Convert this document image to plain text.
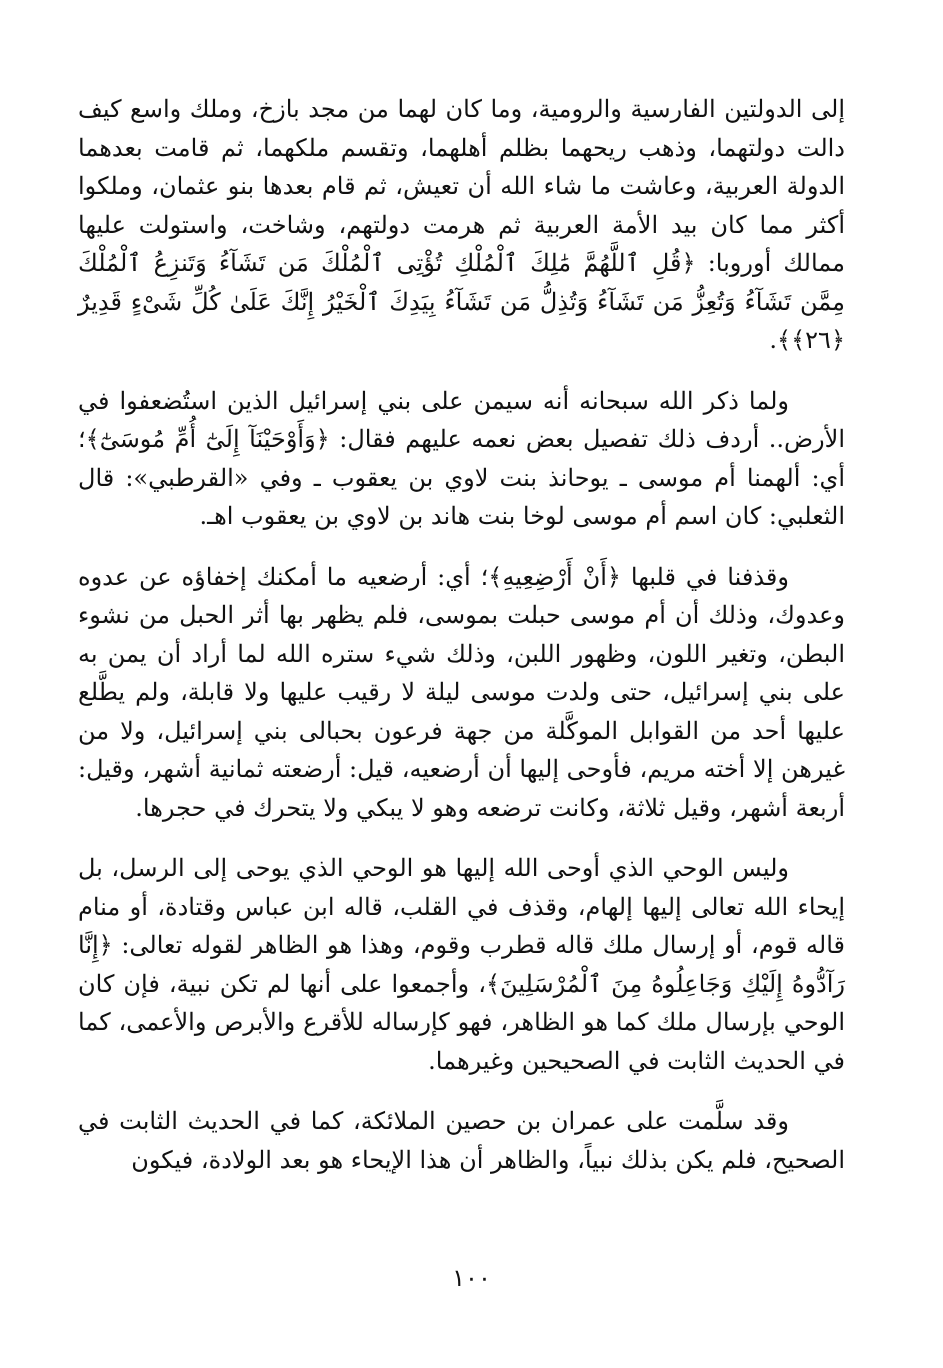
إلى الدولتين الفارسية والرومية، وما كان لهما من مجد بازخ، وملك واسع كيف دالت دولتهما، وذهب ريحهما بظلم أهلهما، وتقسم ملكهما، ثم قامت بعدهما الدولة العربية، وعاشت ما شاء الله أن تعيش، ثم قام بعدها بنو عثمان، وملكوا أكثر مما كان بيد الأمة العربية ثم هرمت دولتهم، وشاخت، واستولت عليها ممالك أوروبا: ﴿قُلِ ٱللَّهُمَّ مَٰلِكَ ٱلْمُلْكِ تُؤْتِى ٱلْمُلْكَ مَن تَشَآءُ وَتَنزِعُ ٱلْمُلْكَ مِمَّن تَشَآءُ وَتُعِزُّ مَن تَشَآءُ وَتُذِلُّ مَن تَشَآءُ بِيَدِكَ ٱلْخَيْرُ إِنَّكَ عَلَىٰ كُلِّ شَىْءٍ قَدِيرٌ ﴿٢٦﴾﴾.

ولما ذكر الله سبحانه أنه سيمن على بني إسرائيل الذين استُضعفوا في الأرض.. أردف ذلك تفصيل بعض نعمه عليهم فقال: ﴿وَأَوْحَيْنَآ إِلَىٰٓ أُمِّ مُوسَىٰٓ﴾؛ أي: ألهمنا أم موسى ـ يوحانذ بنت لاوي بن يعقوب ـ وفي «القرطبي»: قال الثعلبي: كان اسم أم موسى لوخا بنت هاند بن لاوي بن يعقوب اهـ.

وقذفنا في قلبها ﴿أَنْ أَرْضِعِيهِ﴾؛ أي: أرضعيه ما أمكنك إخفاؤه عن عدوه وعدوك، وذلك أن أم موسى حبلت بموسى، فلم يظهر بها أثر الحبل من نشوء البطن، وتغير اللون، وظهور اللبن، وذلك شيء ستره الله لما أراد أن يمن به على بني إسرائيل، حتى ولدت موسى ليلة لا رقيب عليها ولا قابلة، ولم يطَّلع عليها أحد من القوابل الموكَّلة من جهة فرعون بحبالى بني إسرائيل، ولا من غيرهن إلا أخته مريم، فأوحى إليها أن أرضعيه، قيل: أرضعته ثمانية أشهر، وقيل: أربعة أشهر، وقيل ثلاثة، وكانت ترضعه وهو لا يبكي ولا يتحرك في حجرها.

وليس الوحي الذي أوحى الله إليها هو الوحي الذي يوحى إلى الرسل، بل إيحاء الله تعالى إليها إلهام، وقذف في القلب، قاله ابن عباس وقتادة، أو منام قاله قوم، أو إرسال ملك قاله قطرب وقوم، وهذا هو الظاهر لقوله تعالى: ﴿إِنَّا رَآدُّوهُ إِلَيْكِ وَجَاعِلُوهُ مِنَ ٱلْمُرْسَلِينَ﴾، وأجمعوا على أنها لم تكن نبية، فإن كان الوحي بإرسال ملك كما هو الظاهر، فهو كإرساله للأقرع والأبرص والأعمى، كما في الحديث الثابت في الصحيحين وغيرهما.

وقد سلَّمت على عمران بن حصين الملائكة، كما في الحديث الثابت في الصحيح، فلم يكن بذلك نبياً، والظاهر أن هذا الإيحاء هو بعد الولادة، فيكون

١٠٠
